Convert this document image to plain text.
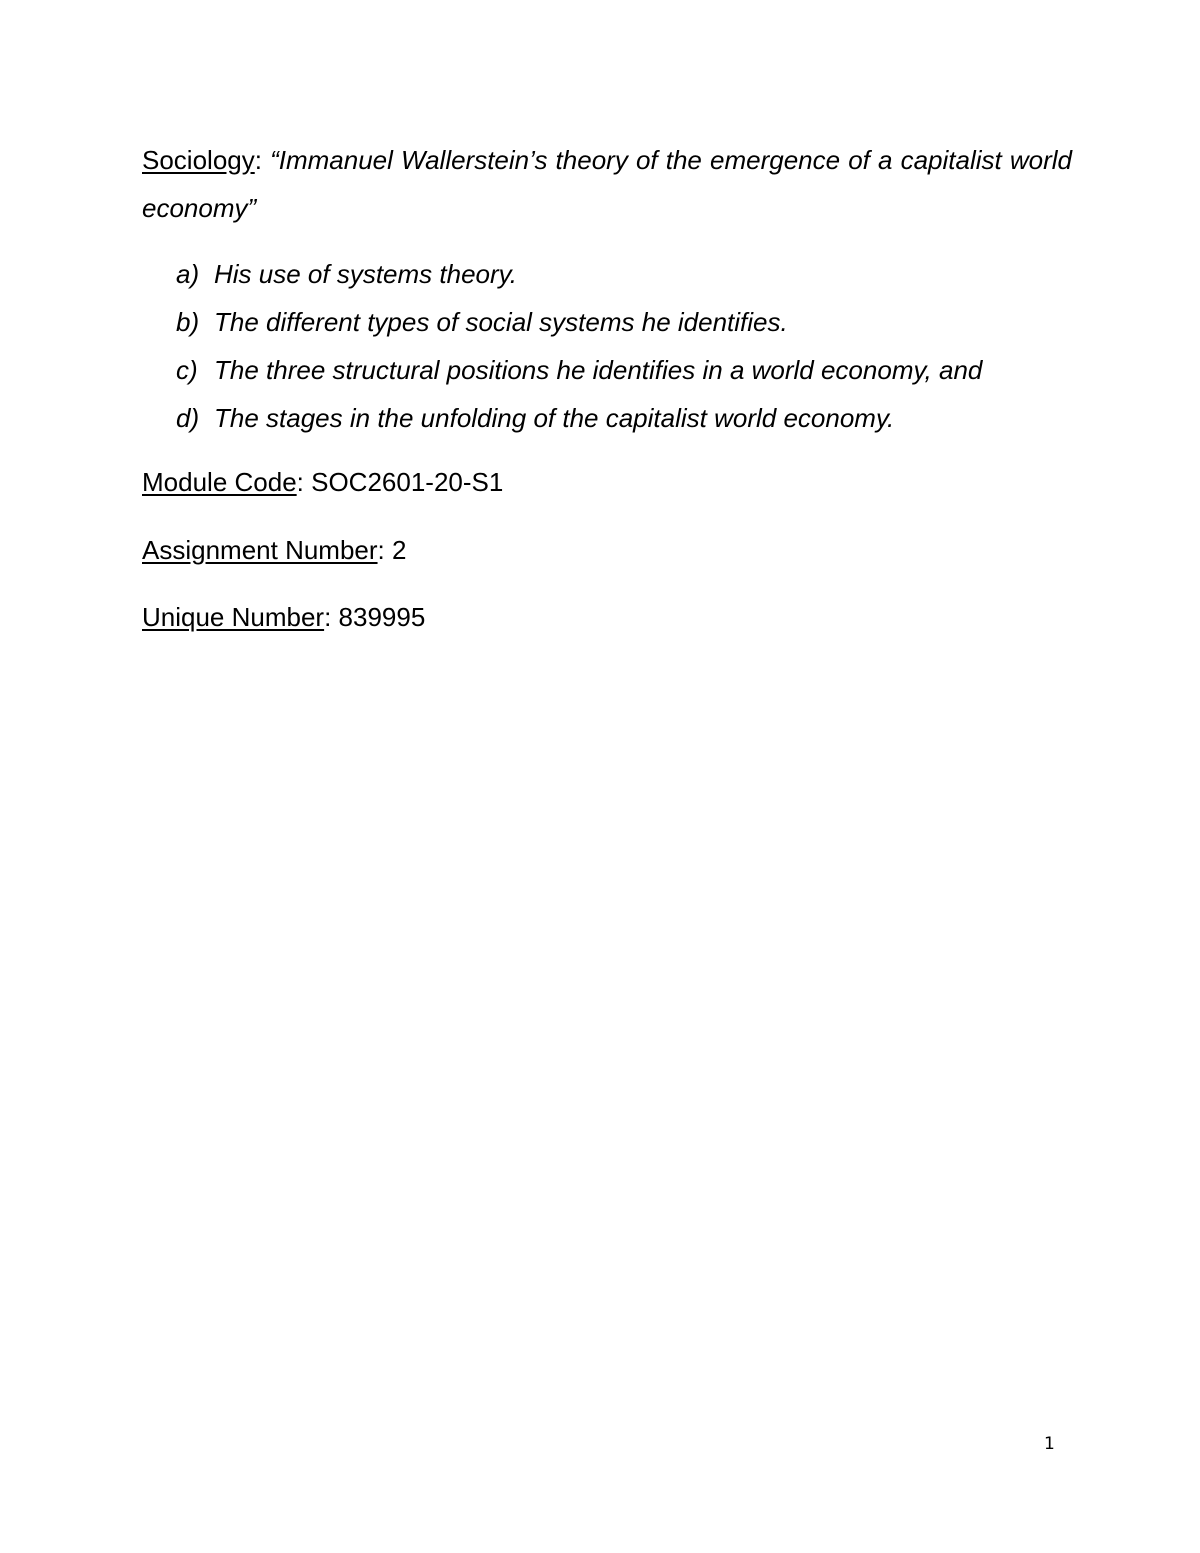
Sociology: “Immanuel Wallerstein’s theory of the emergence of a capitalist world economy”
a) His use of systems theory.
b) The different types of social systems he identifies.
c) The three structural positions he identifies in a world economy, and
d) The stages in the unfolding of the capitalist world economy.
Module Code: SOC2601-20-S1
Assignment Number: 2
Unique Number: 839995
1
